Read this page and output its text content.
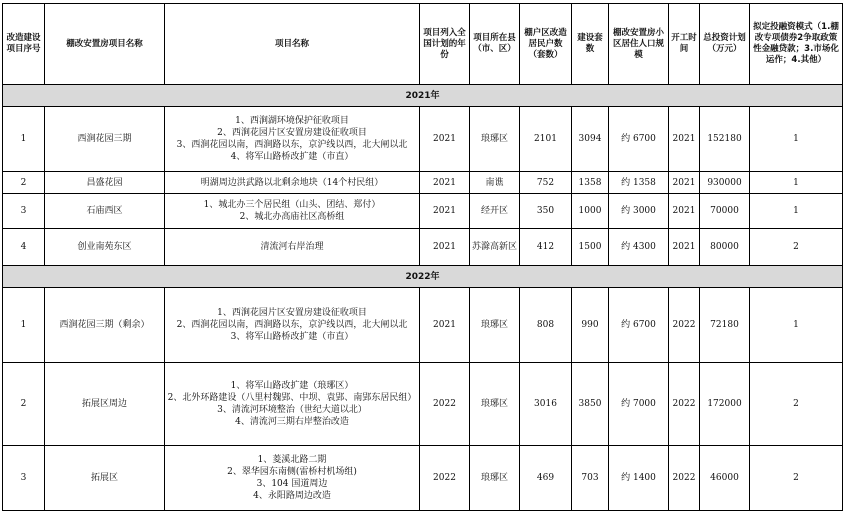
改造建设项目序号	棚改安置房项目名称	项目名称	项目列入全国计划的年份	项目所在县（市、区）	棚户区改造居民户数（套数）	建设套数	棚改安置房小区居住人口规模	开工时间	总投资计划（万元）	拟定投融资模式（1.棚改专项债券2争取政策性金融贷款；3.市场化运作；4.其他）
2021年										
1	西涧花园三期	1、西涧湖环境保护征收项目
2、西涧花园片区安置房建设征收项目
3、西涧花园以南，西涧路以东，京沪线以西，北大闸以北
4、将军山路桥改扩建（市直）	2021	琅琊区	2101	3094	约 6700	2021	152180	1
2	昌盛花园	明湖周边洪武路以北剩余地块（14个村民组）	2021	南谯	752	1358	约 1358	2021	930000	1
3	石庙西区	1、城北办三个居民组（山头、团结、郑付）
2、城北办高庙社区高桥组	2021	经开区	350	1000	约 3000	2021	70000	1
4	创业南苑东区	清流河右岸治理	2021	苏滁高新区	412	1500	约 4300	2021	80000	2
2022年										
1	西涧花园三期（剩余）	1、西涧花园片区安置房建设征收项目
2、西涧花园以南，西涧路以东，京沪线以西，北大闸以北
3、将军山路桥改扩建（市直）	2021	琅琊区	808	990	约 6700	2022	72180	1
2	拓展区周边	1、将军山路改扩建（琅琊区）
2、北外环路建设（八里村魏郢、中坝、袁郢、南郢东居民组）
3、清流河环境整治（世纪大道以北）
4、清流河三期右岸整治改造	2022	琅琊区	3016	3850	约 7000	2022	172000	2
3	拓展区	1、菱溪北路二期
2、翠华园东南侧(雷桥村机场组)
3、104 国道周边
4、永阳路周边改造	2022	琅琊区	469	703	约 1400	2022	46000	2
